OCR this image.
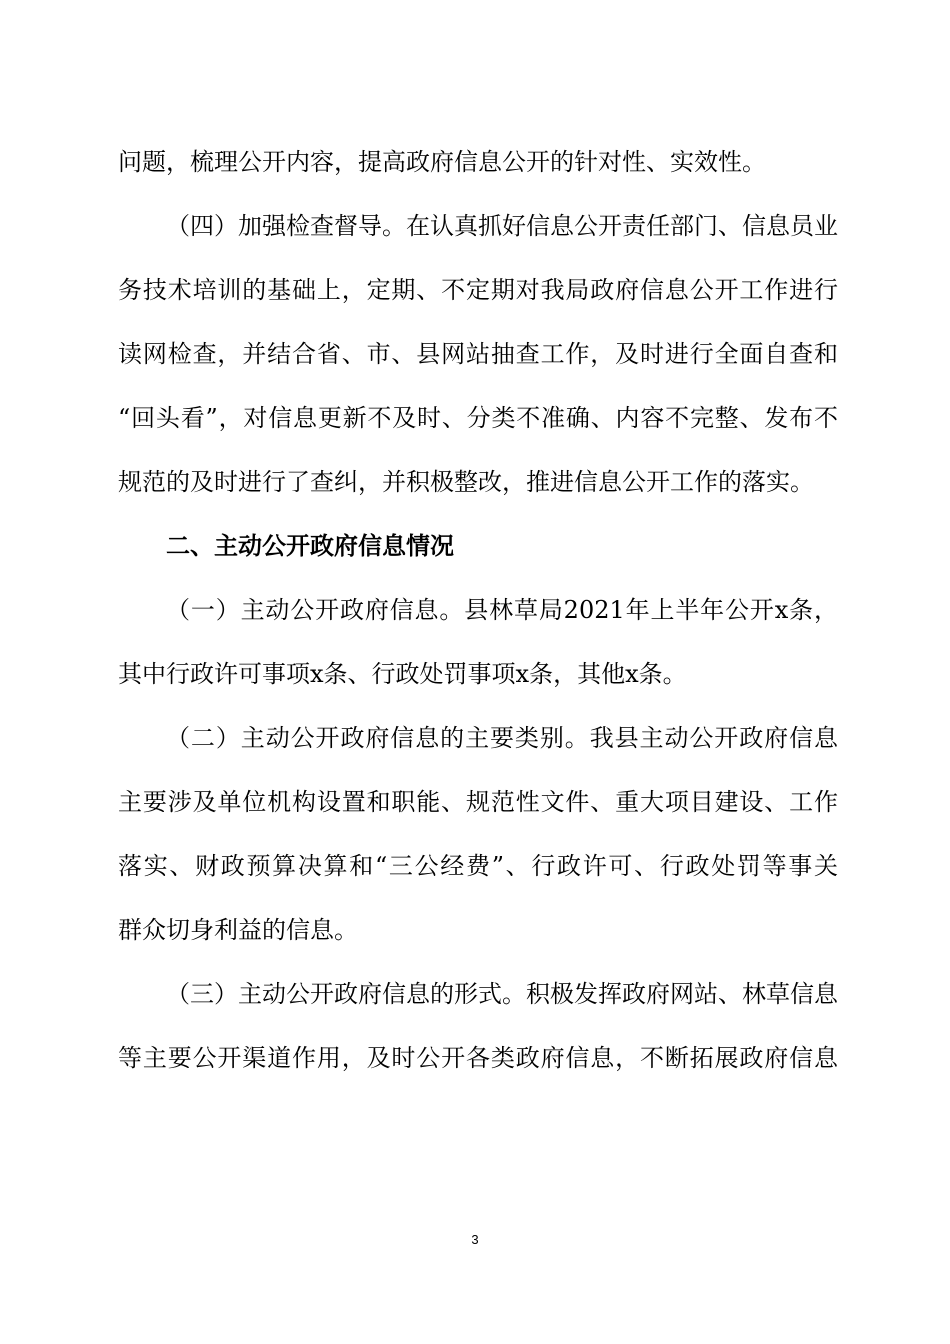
问题，梳理公开内容，提高政府信息公开的针对性、实效性。
（四）加强检查督导。在认真抓好信息公开责任部门、信息员业
务技术培训的基础上，定期、不定期对我局政府信息公开工作进行
读网检查，并结合省、市、县网站抽查工作，及时进行全面自查和
“回头看”，对信息更新不及时、分类不准确、内容不完整、发布不
规范的及时进行了查纠，并积极整改，推进信息公开工作的落实。
二、主动公开政府信息情况
（一）主动公开政府信息。县林草局2021年上半年公开x条，
其中行政许可事项x条、行政处罚事项x条，其他x条。
（二）主动公开政府信息的主要类别。我县主动公开政府信息
主要涉及单位机构设置和职能、规范性文件、重大项目建设、工作
落实、财政预算决算和“三公经费”、行政许可、行政处罚等事关
群众切身利益的信息。
（三）主动公开政府信息的形式。积极发挥政府网站、林草信息
等主要公开渠道作用，及时公开各类政府信息，不断拓展政府信息
3
